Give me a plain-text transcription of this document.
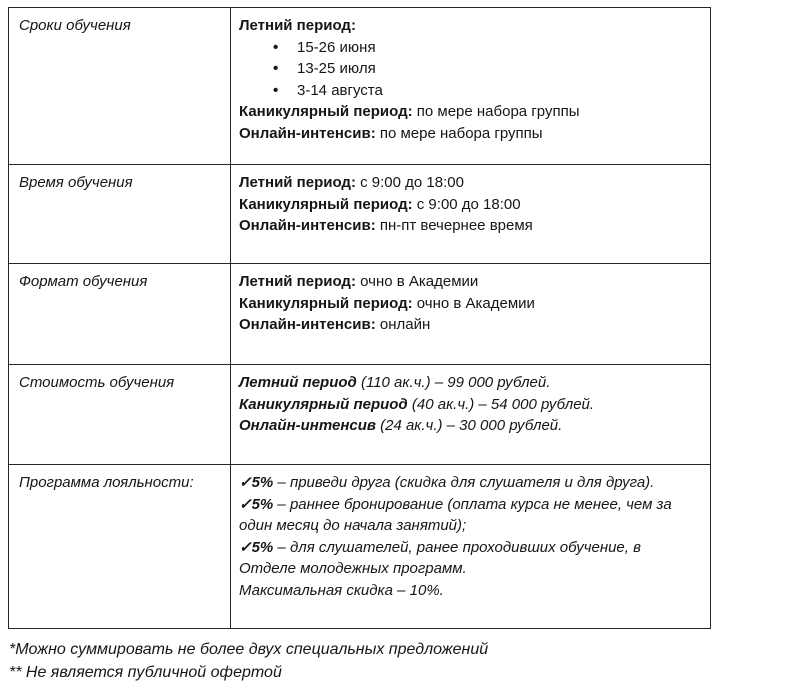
Сроки обучения	Летний период:
• 15-26 июня
• 13-25 июля
• 3-14 августа
Каникулярный период: по мере набора группы
Онлайн-интенсив: по мере набора группы

Время обучения	Летний период: с 9:00 до 18:00
Каникулярный период: с 9:00 до 18:00
Онлайн-интенсив: пн-пт вечернее время

Формат обучения	Летний период: очно в Академии
Каникулярный период: очно в Академии
Онлайн-интенсив: онлайн

Стоимость обучения	Летний период (110 ак.ч.) – 99 000 рублей.
Каникулярный период (40 ак.ч.) – 54 000 рублей.
Онлайн-интенсив (24 ак.ч.) – 30 000 рублей.

Программа лояльности:	✓5% – приведи друга (скидка для слушателя и для друга).
✓5% – раннее бронирование (оплата курса не менее, чем за один месяц до начала занятий);
✓5% – для слушателей, ранее проходивших обучение, в Отделе молодежных программ.
Максимальная скидка – 10%.
*Можно суммировать не более двух специальных предложений
** Не является публичной офертой
